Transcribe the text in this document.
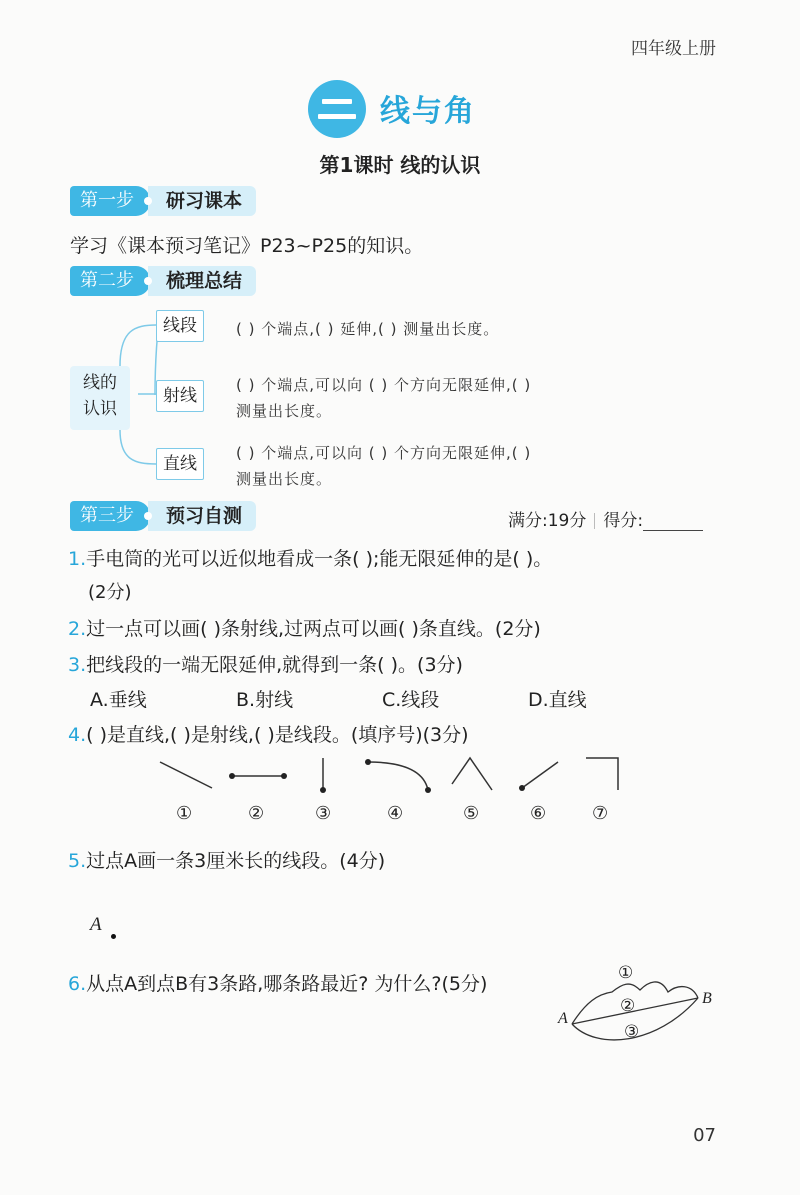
四年级上册
线与角
第1课时 线的认识
第一步	研习课本
学习《课本预习笔记》P23~P25的知识。
第二步	梳理总结
线的
认识
线段	( ) 个端点,( ) 延伸,( ) 测量出长度。
射线
( ) 个端点,可以向 ( ) 个方向无限延伸,( )
测量出长度。
直线
( ) 个端点,可以向 ( ) 个方向无限延伸,( )
测量出长度。
第三步	预习自测	满分:19分 得分:
1.手电筒的光可以近似地看成一条( );能无限延伸的是( )。
(2分)
2.过一点可以画( )条射线,过两点可以画( )条直线。(2分)
3.把线段的一端无限延伸,就得到一条( )。(3分)
A.垂线	B.射线	C.线段	D.直线
4.( )是直线,( )是射线,( )是线段。(填序号)(3分)
①	②	③	④	⑤	⑥	⑦
5.过点A画一条3厘米长的线段。(4分)
A
6.从点A到点B有3条路,哪条路最近? 为什么?(5分)	①
②
③
A
B
07
